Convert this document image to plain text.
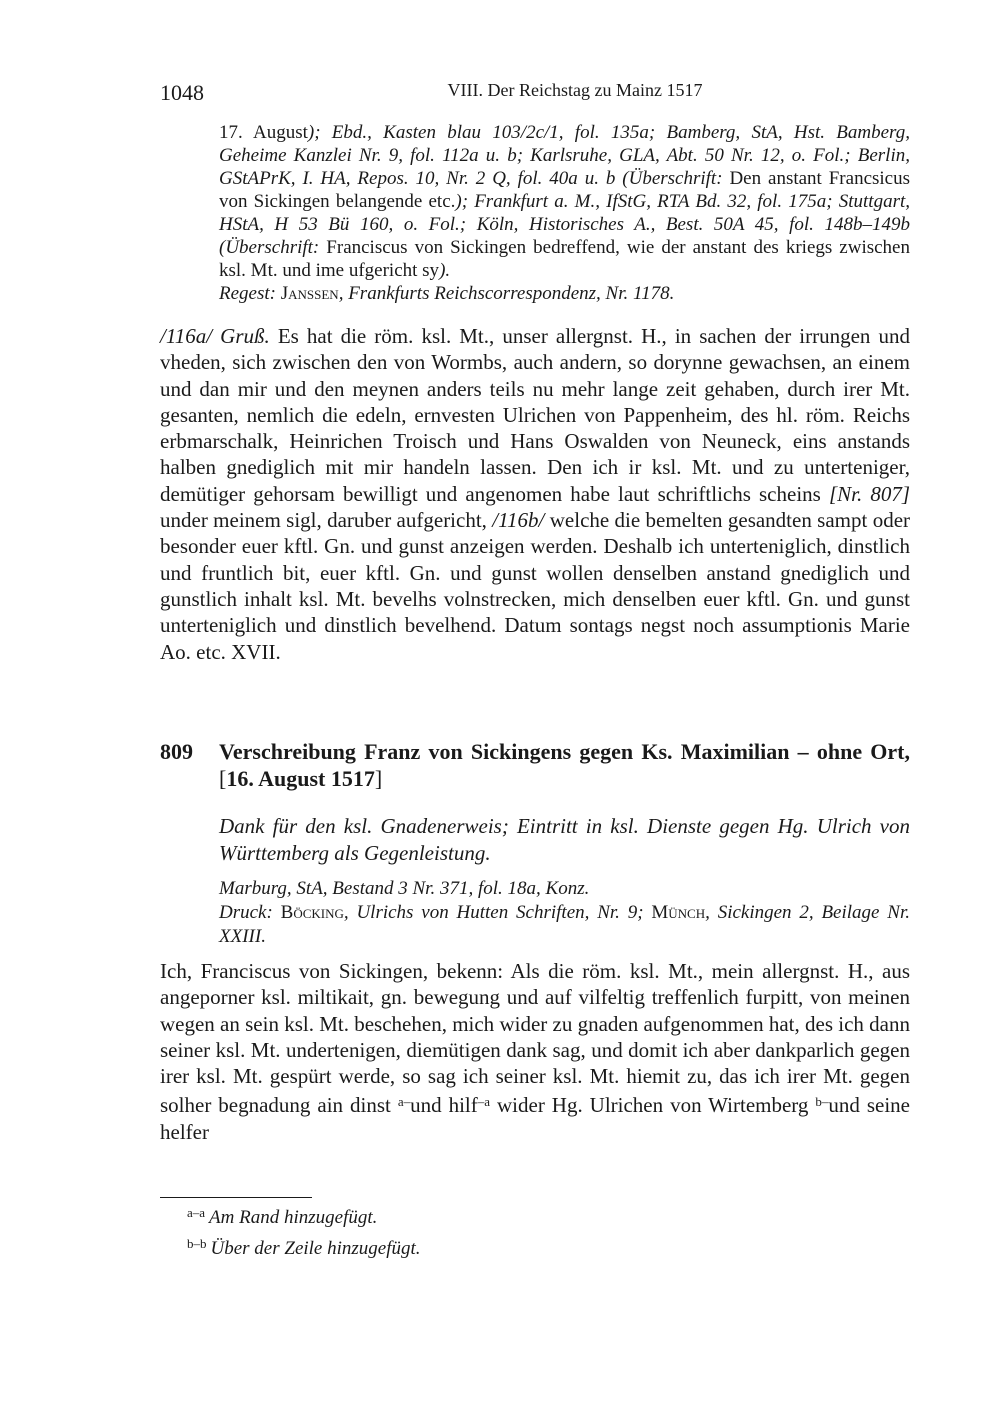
1048	VIII. Der Reichstag zu Mainz 1517

17. August); Ebd., Kasten blau 103/2c/1, fol. 135a; Bamberg, StA, Hst. Bamberg, Geheime Kanzlei Nr. 9, fol. 112a u. b; Karlsruhe, GLA, Abt. 50 Nr. 12, o. Fol.; Berlin, GStAPrK, I. HA, Repos. 10, Nr. 2 Q, fol. 40a u. b (Überschrift: Den anstant Francsicus von Sickingen belangende etc.); Frankfurt a. M., IfStG, RTA Bd. 32, fol. 175a; Stuttgart, HStA, H 53 Bü 160, o. Fol.; Köln, Historisches A., Best. 50A 45, fol. 148b–149b (Überschrift: Franciscus von Sickingen bedreffend, wie der anstant des kriegs zwischen ksl. Mt. und ime ufgericht sy).

Regest: Janssen, Frankfurts Reichscorrespondenz, Nr. 1178.

/116a/ Gruß. Es hat die röm. ksl. Mt., unser allergnst. H., in sachen der irrungen und vheden, sich zwischen den von Wormbs, auch andern, so dorynne gewachsen, an einem und dan mir und den meynen anders teils nu mehr lange zeit gehaben, durch irer Mt. gesanten, nemlich die edeln, ernvesten Ulrichen von Pappenheim, des hl. röm. Reichs erbmarschalk, Heinrichen Troisch und Hans Oswalden von Neuneck, eins anstands halben gnediglich mit mir handeln lassen. Den ich ir ksl. Mt. und zu unterteniger, demütiger gehorsam bewilligt und angenomen habe laut schriftlichs scheins [Nr. 807] under meinem sigl, daruber aufgericht, /116b/ welche die bemelten gesandten sampt oder besonder euer kftl. Gn. und gunst anzeigen werden. Deshalb ich unterteniglich, dinstlich und fruntlich bit, euer kftl. Gn. und gunst wollen denselben anstand gnediglich und gunstlich inhalt ksl. Mt. bevelhs volnstrecken, mich denselben euer kftl. Gn. und gunst unterteniglich und dinstlich bevelhend. Datum sontags negst noch assumptionis Marie Ao. etc. XVII.

809 Verschreibung Franz von Sickingens gegen Ks. Maximilian – ohne Ort, [16. August 1517]

Dank für den ksl. Gnadenerweis; Eintritt in ksl. Dienste gegen Hg. Ulrich von Württemberg als Gegenleistung.

Marburg, StA, Bestand 3 Nr. 371, fol. 18a, Konz.

Druck: Böcking, Ulrichs von Hutten Schriften, Nr. 9; Münch, Sickingen 2, Beilage Nr. XXIII.

Ich, Franciscus von Sickingen, bekenn: Als die röm. ksl. Mt., mein allergnst. H., aus angeporner ksl. miltikait, gn. bewegung und auf vilfeltig treffenlich furpitt, von meinen wegen an sein ksl. Mt. beschehen, mich wider zu gnaden aufgenommen hat, des ich dann seiner ksl. Mt. undertenigen, diemütigen dank sag, und domit ich aber dankparlich gegen irer ksl. Mt. gespürt werde, so sag ich seiner ksl. Mt. hiemit zu, das ich irer Mt. gegen solher begnadung ain dinst $^{a-}$und hilf$^{-a}$ wider Hg. Ulrichen von Wirtemberg $^{b-}$und seine helfer

$^{a-a}$ Am Rand hinzugefügt.
$^{b-b}$ Über der Zeile hinzugefügt.
